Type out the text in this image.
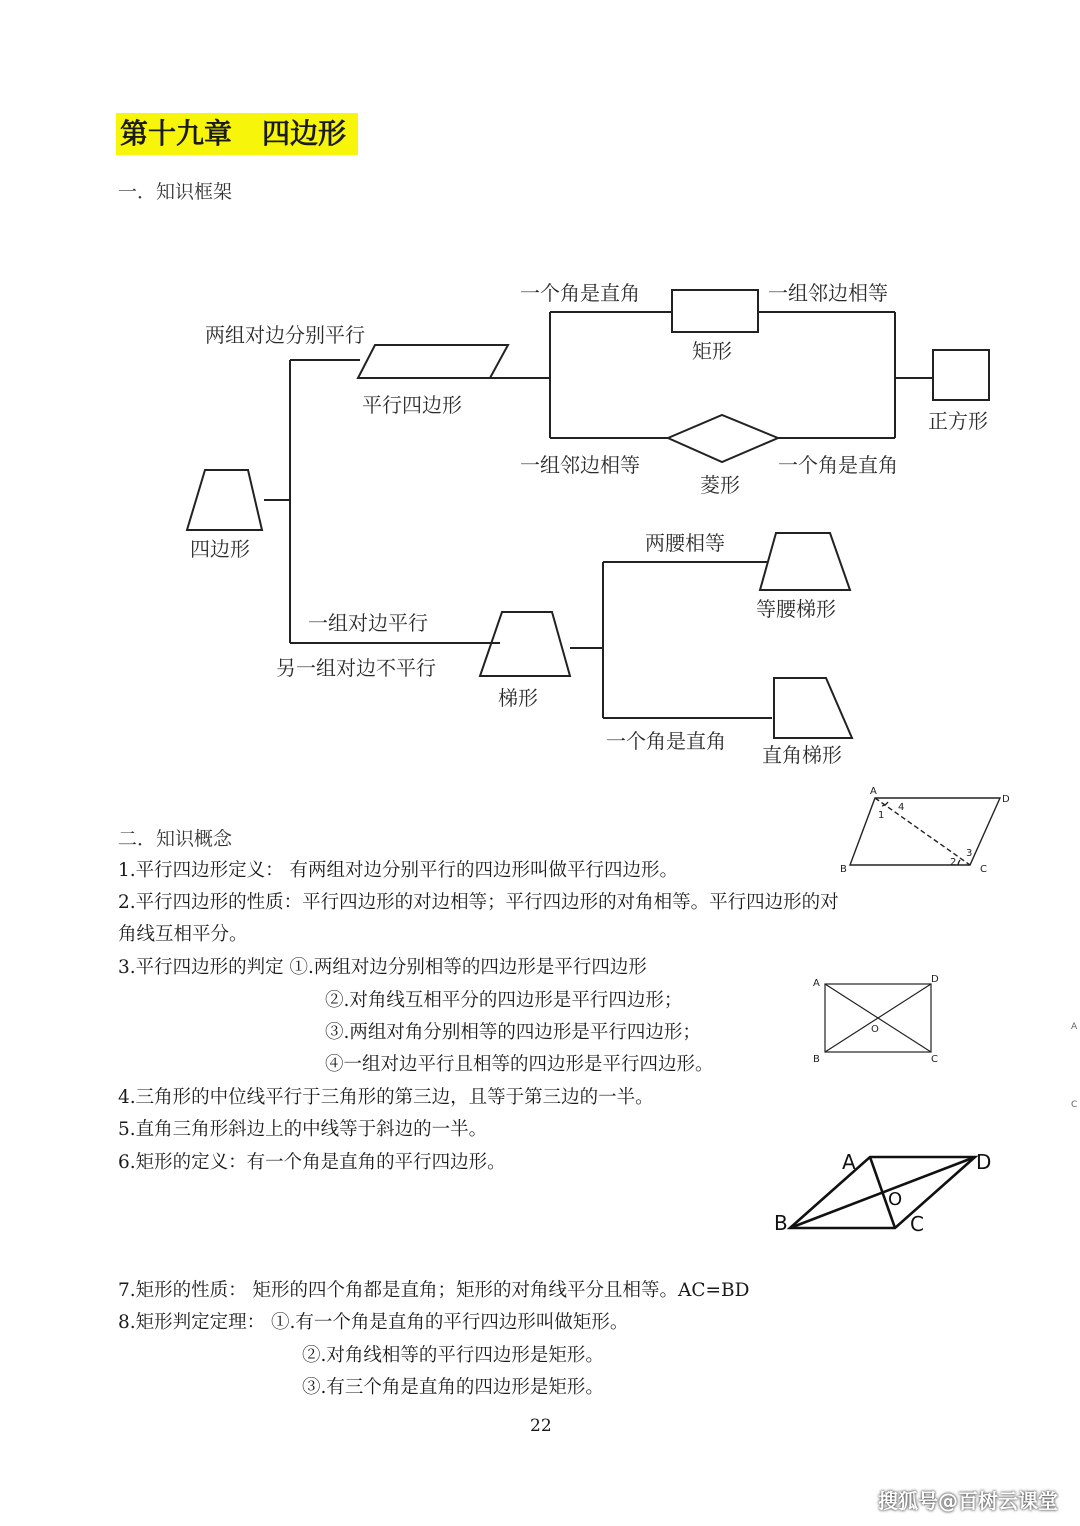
第十九章 四边形
一．知识框架
四边形
两组对边分别平行
平行四边形
一个角是直角
矩形
一组邻边相等
正方形
一组邻边相等
菱形
一个角是直角
一组对边平行
另一组对边不平行
梯形
两腰相等
等腰梯形
一个角是直角
直角梯形
二．知识概念
1.平行四边形定义： 有两组对边分别平行的四边形叫做平行四边形。
2.平行四边形的性质：平行四边形的对边相等；平行四边形的对角相等。平行四边形的对
角线互相平分。
3.平行四边形的判定 ①.两组对边分别相等的四边形是平行四边形
②.对角线互相平分的四边形是平行四边形；
③.两组对角分别相等的四边形是平行四边形；
④一组对边平行且相等的四边形是平行四边形。
4.三角形的中位线平行于三角形的第三边，且等于第三边的一半。
5.直角三角形斜边上的中线等于斜边的一半。
6.矩形的定义：有一个角是直角的平行四边形。
7.矩形的性质： 矩形的四个角都是直角；矩形的对角线平分且相等。AC=BD
8.矩形判定定理： ①.有一个角是直角的平行四边形叫做矩形。
②.对角线相等的平行四边形是矩形。
③.有三个角是直角的四边形是矩形。
A
D
B	C
1
2
3
4
A	D
B	C
O
A	D
B	C
O
A
C
22
搜狐号@百树云课堂
